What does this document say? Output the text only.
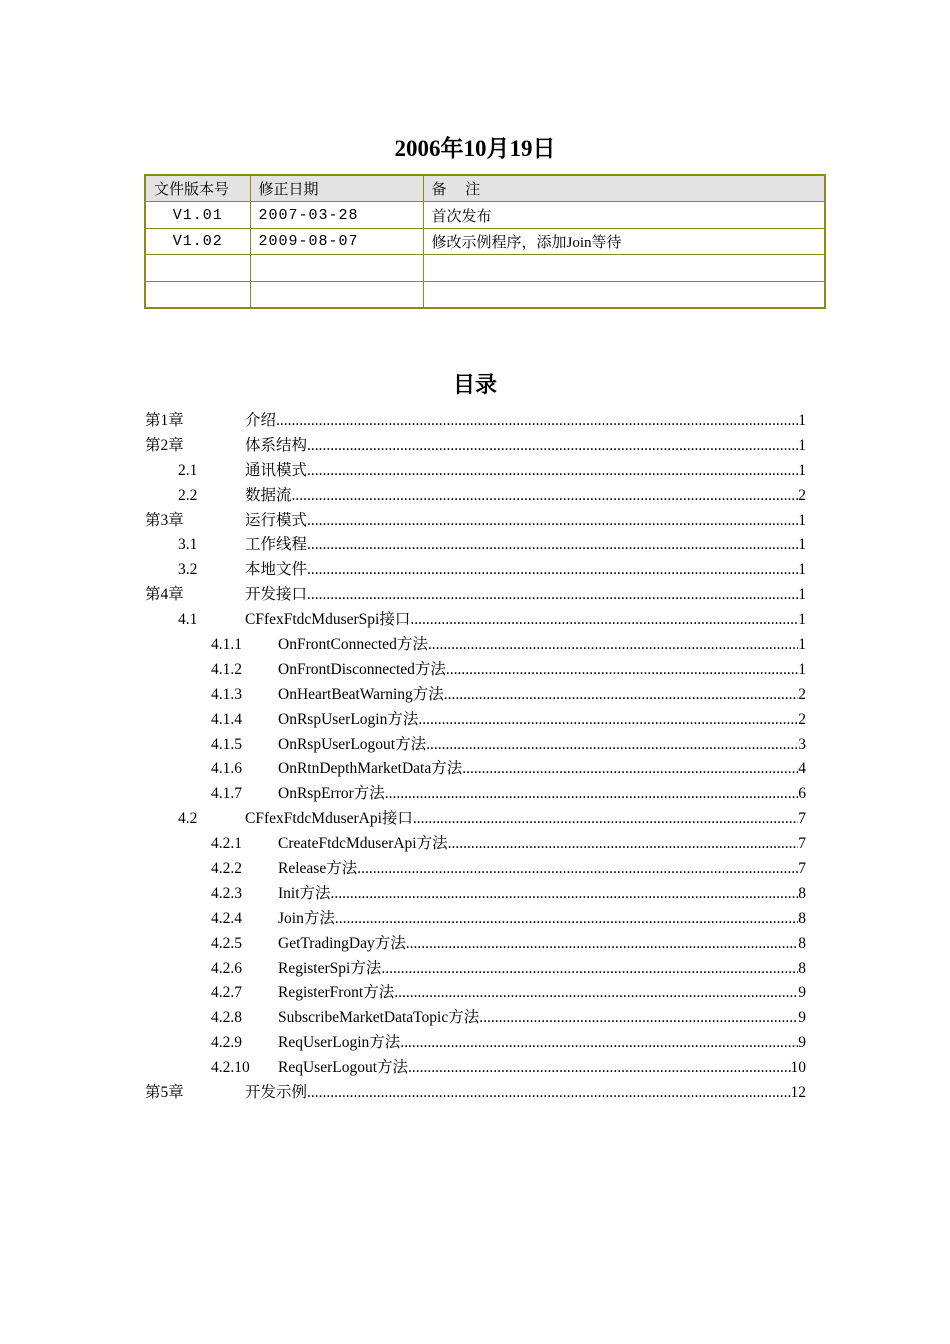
2006年10月19日
文件版本号	修正日期	备　 注
V1.01	2007-03-28	首次发布
V1.02	2009-08-07	修改示例程序，添加Join等待

目录
第1章	介绍 .....	1
第2章	体系结构 .....	1
2.1	通讯模式 .....	1
2.2	数据流 .....	2
第3章	运行模式 .....	1
3.1	工作线程 .....	1
3.2	本地文件 .....	1
第4章	开发接口 .....	1
4.1	CFfexFtdcMduserSpi接口 .....	1
4.1.1	OnFrontConnected方法 .....	1
4.1.2	OnFrontDisconnected方法 .....	1
4.1.3	OnHeartBeatWarning方法 .....	2
4.1.4	OnRspUserLogin方法 .....	2
4.1.5	OnRspUserLogout方法 .....	3
4.1.6	OnRtnDepthMarketData方法 .....	4
4.1.7	OnRspError方法 .....	6
4.2	CFfexFtdcMduserApi接口 .....	7
4.2.1	CreateFtdcMduserApi方法 .....	7
4.2.2	Release方法 .....	7
4.2.3	Init方法 .....	8
4.2.4	Join方法 .....	8
4.2.5	GetTradingDay方法 .....	8
4.2.6	RegisterSpi方法 .....	8
4.2.7	RegisterFront方法 .....	9
4.2.8	SubscribeMarketDataTopic方法 .....	9
4.2.9	ReqUserLogin方法 .....	9
4.2.10	ReqUserLogout方法 .....	10
第5章	开发示例 .....	12
